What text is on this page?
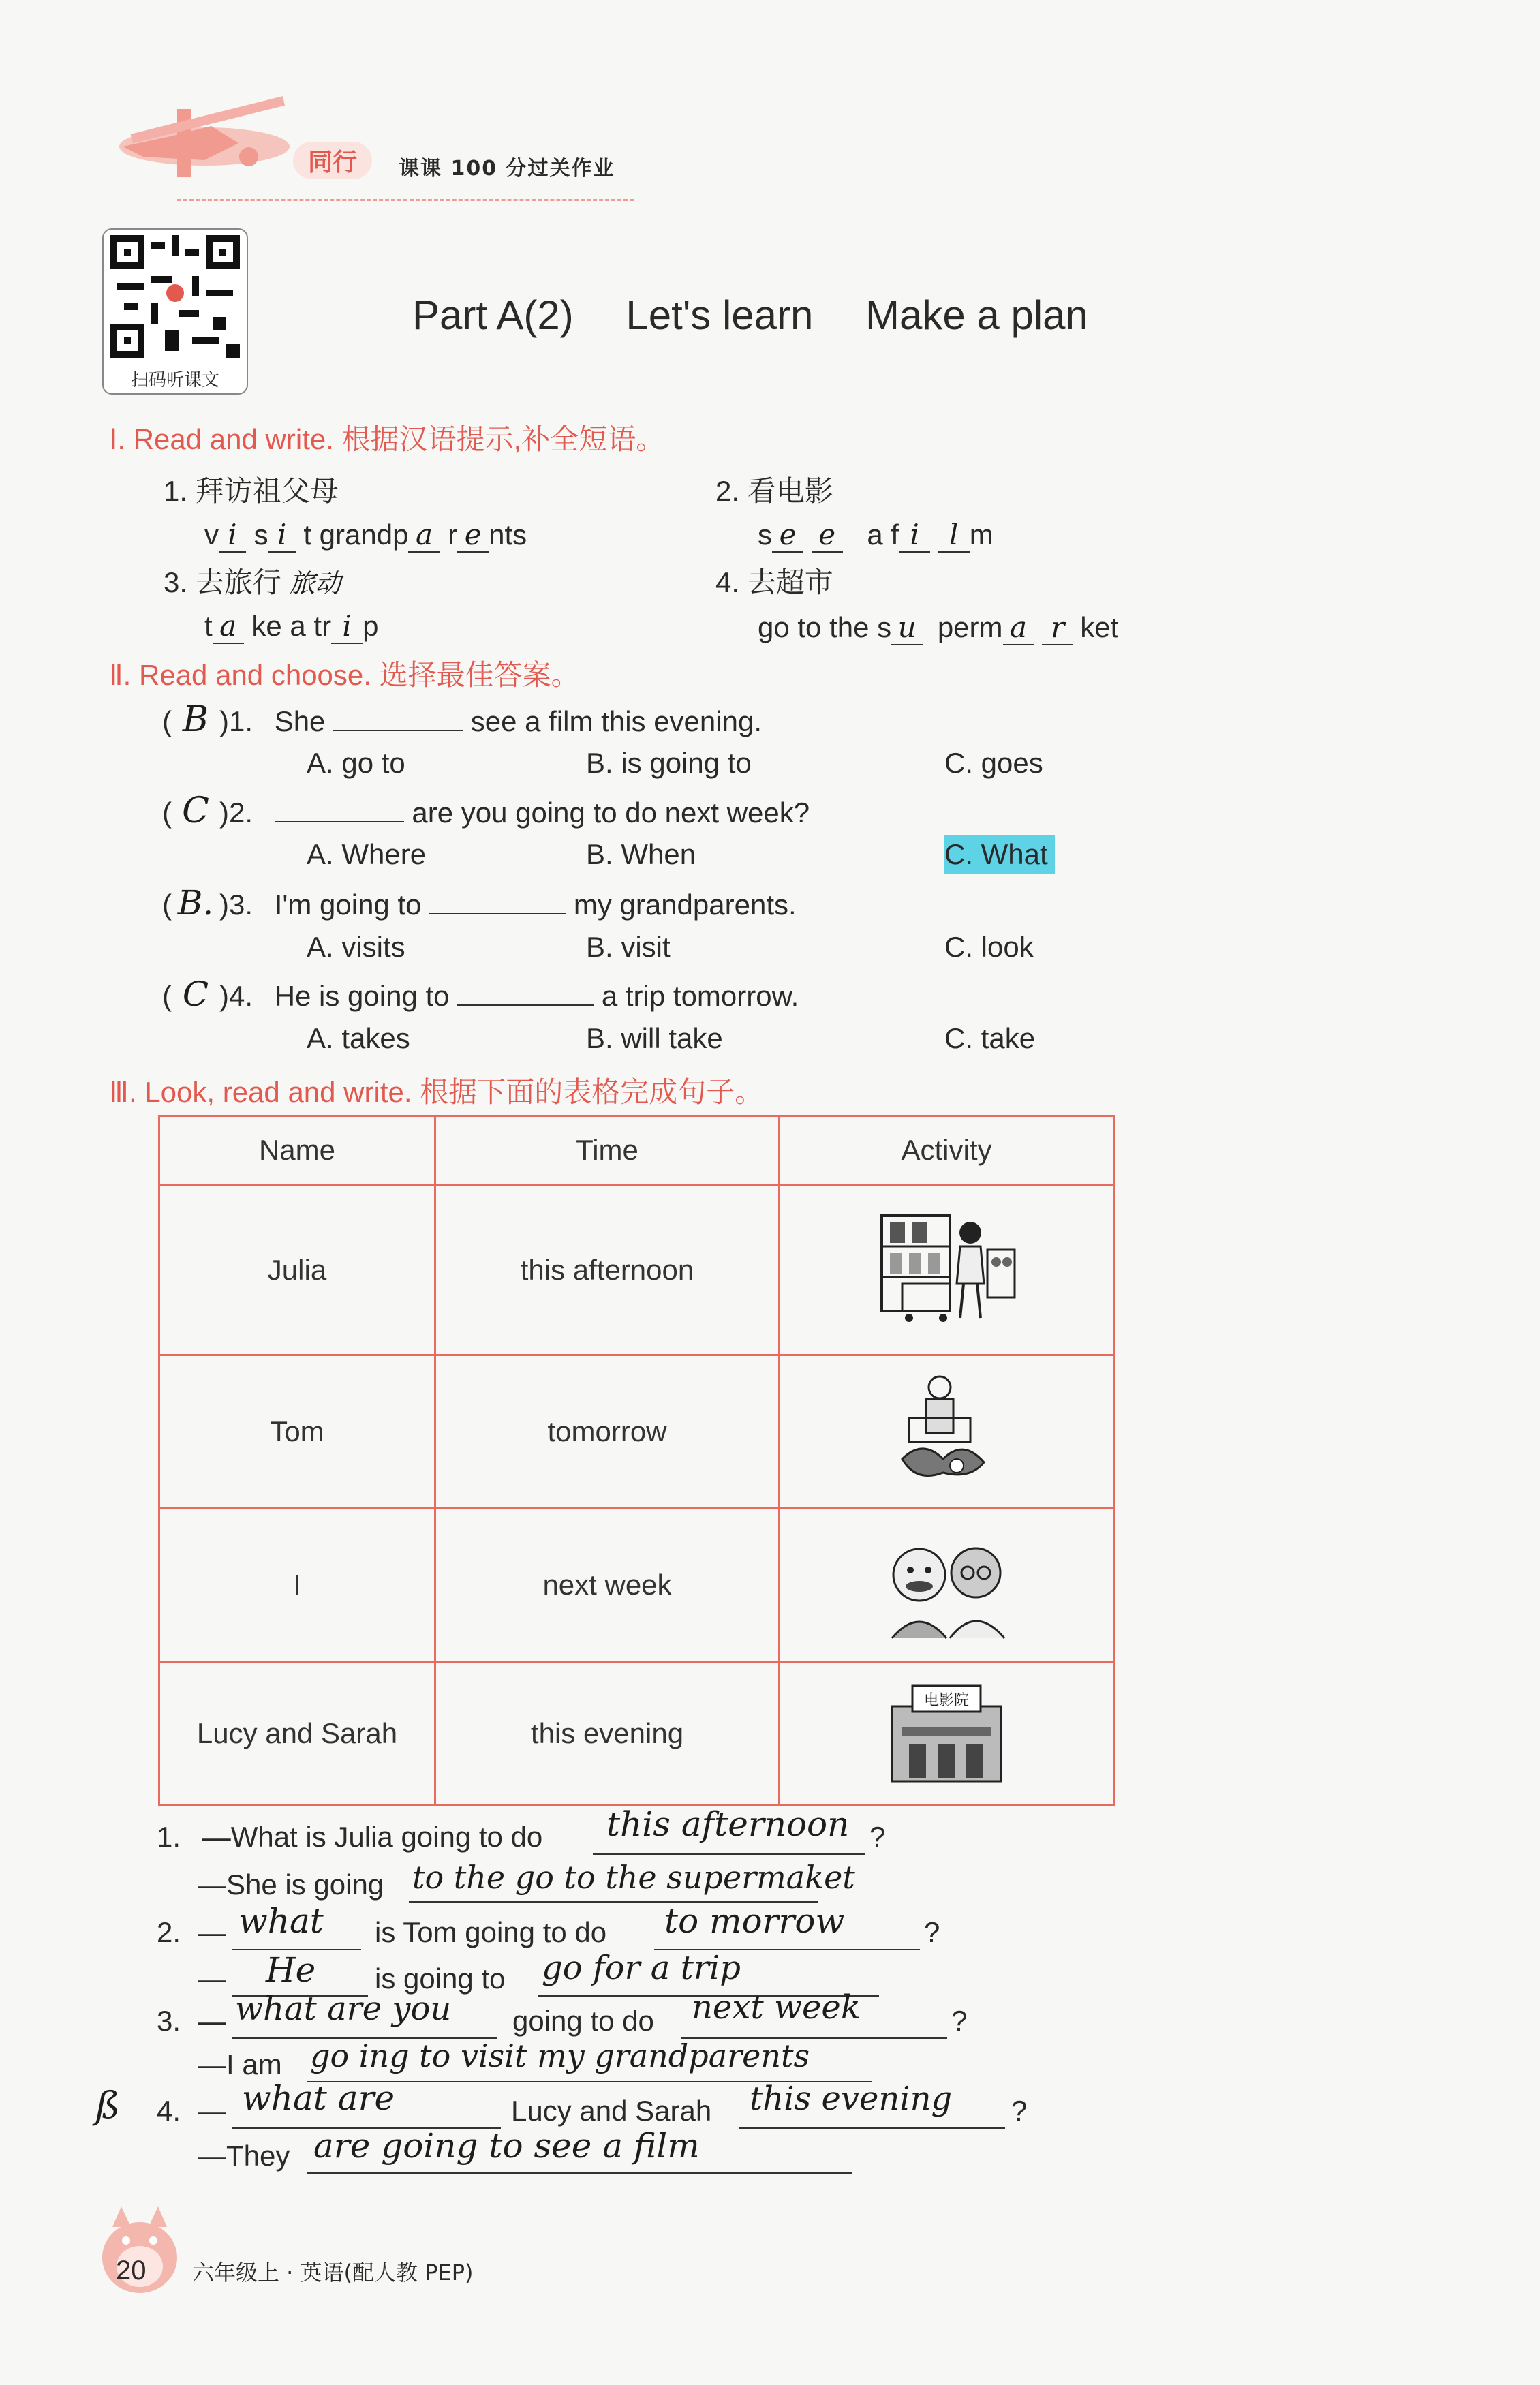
同行	课课 100 分过关作业
扫码听课文
Part A(2) Let's learn Make a plan
Ⅰ. Read and write. 根据汉语提示,补全短语。
1. 拜访祖父母
v i s i t grandp a r e nts
2. 看电影
s e e a f i l m
3. 去旅行 旅动
t a ke a tr i p
4. 去超市
go to the s u perm a r ket
Ⅱ. Read and choose. 选择最佳答案。
( B )1. She	see a film this evening.
A. go to	B. is going to	C. goes
( C )2.	are you going to do next week?
A. Where	B. When	C. What
( B. )3. I'm going to	my grandparents.
A. visits	B. visit	C. look
( C )4. He is going to	a trip tomorrow.
A. takes	B. will take	C. take
Ⅲ. Look, read and write. 根据下面的表格完成句子。
Name	Time	Activity
Julia	this afternoon	
Tom	tomorrow	
I	next week	
Lucy and Sarah	this evening	电影院
1. —What is Julia going to do this afternoon ?
—She is going to the go to the supermaket
2. — what is Tom going to do to morrow	?
— He is going to go for a trip
3. — what are you going to do next week	?
—I am go ing to visit my grandparents
ß 4. — what are	Lucy and Sarah this evening ?
—They are going to see a film
20 六年级上 · 英语(配人教 PEP)
